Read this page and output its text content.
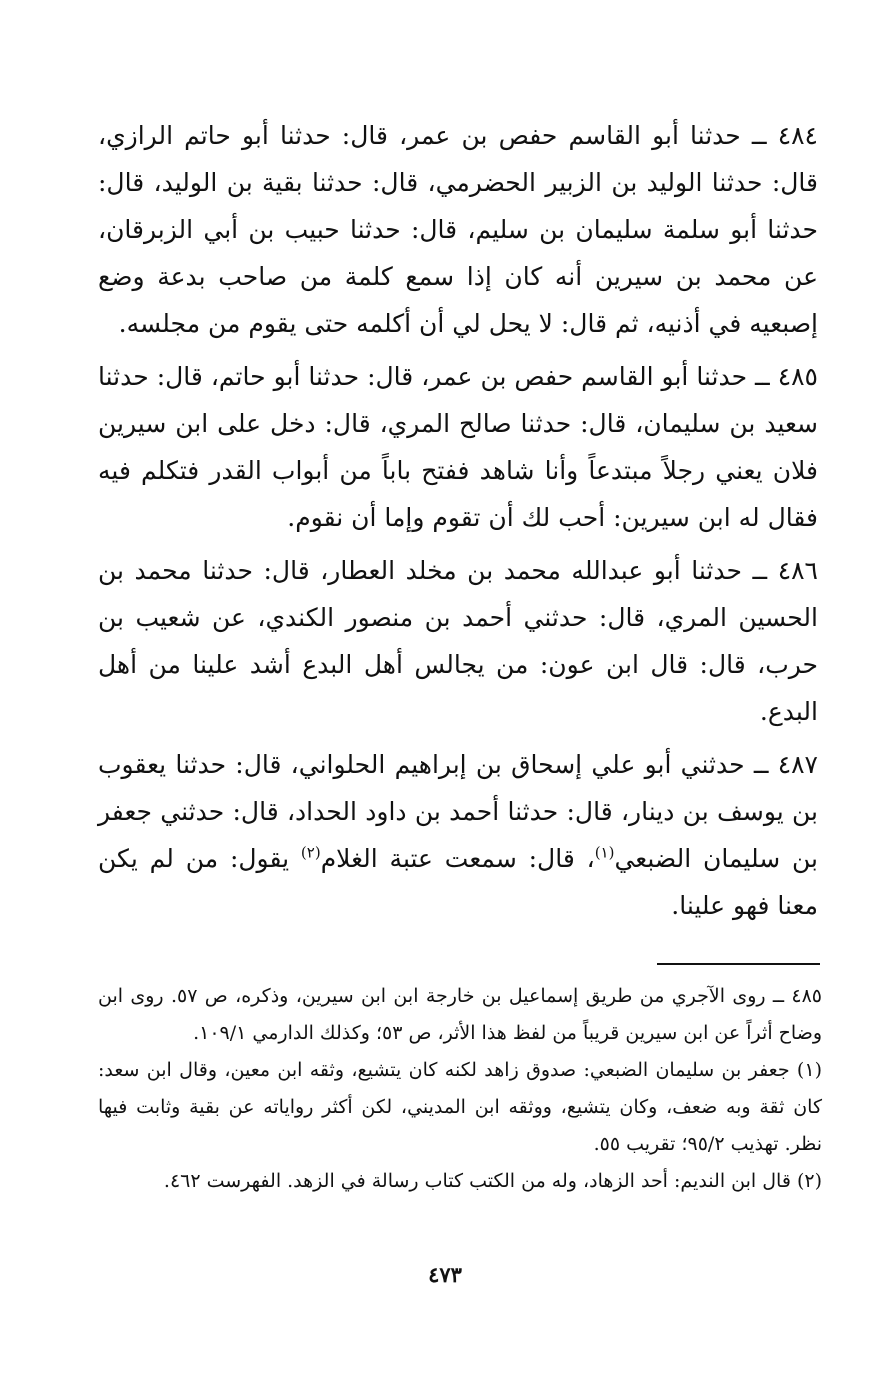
٤٨٤ ــ حدثنا أبو القاسم حفص بن عمر، قال: حدثنا أبو حاتم الرازي، قال: حدثنا الوليد بن الزبير الحضرمي، قال: حدثنا بقية بن الوليد، قال: حدثنا أبو سلمة سليمان بن سليم، قال: حدثنا حبيب بن أبي الزبرقان، عن محمد بن سيرين أنه كان إذا سمع كلمة من صاحب بدعة وضع إصبعيه في أذنيه، ثم قال: لا يحل لي أن أكلمه حتى يقوم من مجلسه.

٤٨٥ ــ حدثنا أبو القاسم حفص بن عمر، قال: حدثنا أبو حاتم، قال: حدثنا سعيد بن سليمان، قال: حدثنا صالح المري، قال: دخل على ابن سيرين فلان يعني رجلاً مبتدعاً وأنا شاهد ففتح باباً من أبواب القدر فتكلم فيه فقال له ابن سيرين: أحب لك أن تقوم وإما أن نقوم.

٤٨٦ ــ حدثنا أبو عبدالله محمد بن مخلد العطار، قال: حدثنا محمد بن الحسين المري، قال: حدثني أحمد بن منصور الكندي، عن شعيب بن حرب، قال: قال ابن عون: من يجالس أهل البدع أشد علينا من أهل البدع.

٤٨٧ ــ حدثني أبو علي إسحاق بن إبراهيم الحلواني، قال: حدثنا يعقوب بن يوسف بن دينار، قال: حدثنا أحمد بن داود الحداد، قال: حدثني جعفر بن سليمان الضبعي$^{(١)}$، قال: سمعت عتبة الغلام$^{(٢)}$ يقول: من لم يكن معنا فهو علينا.

٤٨٥ ــ روى الآجري من طريق إسماعيل بن خارجة ابن ابن سيرين، وذكره، ص ٥٧. روى ابن وضاح أثراً عن ابن سيرين قريباً من لفظ هذا الأثر، ص ٥٣؛ وكذلك الدارمي ١٠٩/١.

(١) جعفر بن سليمان الضبعي: صدوق زاهد لكنه كان يتشيع، وثقه ابن معين، وقال ابن سعد: كان ثقة وبه ضعف، وكان يتشيع، ووثقه ابن المديني، لكن أكثر رواياته عن بقية وثابت فيها نظر. تهذيب ٩٥/٢؛ تقريب ٥٥.

(٢) قال ابن النديم: أحد الزهاد، وله من الكتب كتاب رسالة في الزهد. الفهرست ٤٦٢.

٤٧٣
